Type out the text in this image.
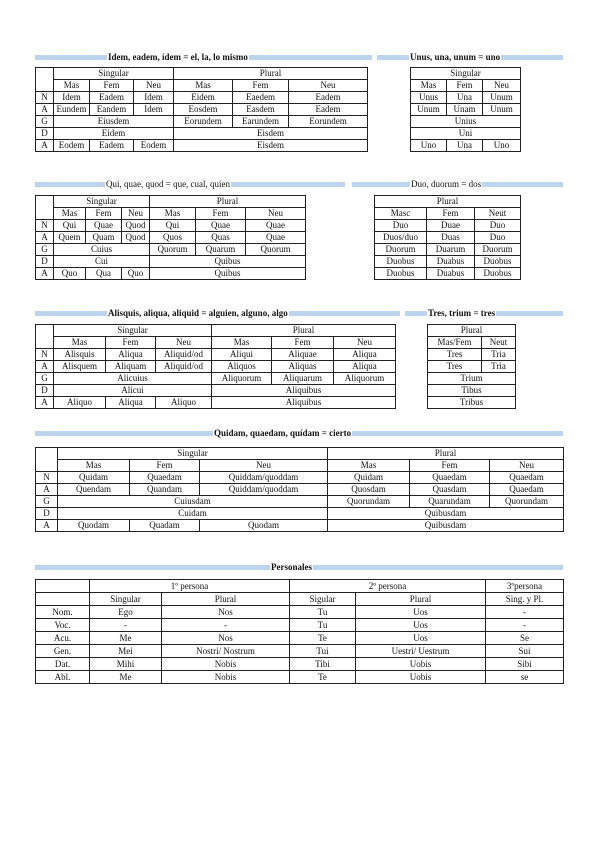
Idem, eadem, ídem = el, la, lo mismo
	Singular			Plural		
	Mas	Fem	Neu	Mas	Fem	Neu
N	Idem	Eadem	Idem	Eidem	Eaedem	Eadem
A	Eundem	Eandem	Idem	Eosdem	Easdem	Eadem
G	Eiusdem			Eorundem	Earundem	Eorundem
D	Eidem			Eisdem		
A	Eodem	Eadem	Eodem	Eisdem		
Unus, una, unum = uno
Singular		
Mas	Fem	Neu
Unus	Una	Unum
Unum	Unam	Unum
Unius		
Uni		
Uno	Una	Uno
Qui, quae, quod = que, cual, quien
	Singular			Plural		
	Mas	Fem	Neu	Mas	Fem	Neu
N	Qui	Quae	Quod	Qui	Quae	Quae
A	Quem	Quam	Quod	Quos	Quas	Quae
G	Cuius			Quorum	Quarum	Quorum
D	Cui			Quibus		
A	Quo	Qua	Quo	Quibus		
Duo, duorum = dos
Plural		
Masc	Fem	Neut
Duo	Duae	Duo
Duos/duo	Duas	Duo
Duorum	Duarum	Duorum
Duobus	Duabus	Duobus
Duobus	Duabus	Duobus
Alisquis, aliqua, aliquid = alguien, alguno, algo
	Singular			Plural		
	Mas	Fem	Neu	Mas	Fem	Neu
N	Alisquis	Aliqua	Aliquid/od	Aliqui	Aliquae	Aliqua
A	Alisquem	Aliquam	Aliquid/od	Aliquos	Aliquas	Aliqua
G	Alicuius			Aliquorum	Aliquarum	Aliquorum
D	Alicui			Aliquibus		
A	Aliquo	Aliqua	Aliquo	Aliquibus		
Tres, trium = tres
Plural	
Mas/Fem	Neut
Tres	Tria
Tres	Tria
Trium	
Tibus	
Tribus	
Quidam, quaedam, quídam = cierto
	Singular			Plural		
	Mas	Fem	Neu	Mas	Fem	Neu
N	Quidam	Quaedam	Quiddam/quoddam	Quidam	Quaedam	Quaedam
A	Quendam	Quandam	Quiddam/quoddam	Quosdam	Quasdam	Quaedam
G	Cuiusdam			Quorundam	Quarundam	Quorundam
D	Cuidam			Quibusdam		
A	Quodam	Quadam	Quodam	Quibusdam		
Personales
	1º persona		2º persona		3ºpersona
	Singular	Plural	Sigular	Plural	Sing. y Pl.
Nom.	Ego	Nos	Tu	Uos	-
Voc.	-	-	Tu	Uos	-
Acu.	Me	Nos	Te	Uos	Se
Gen.	Mei	Nostri/ Nostrum	Tui	Uestri/ Uestrum	Sui
Dat.	Mihi	Nobis	Tibi	Uobis	Sibi
Abl.	Me	Nobis	Te	Uobis	se
